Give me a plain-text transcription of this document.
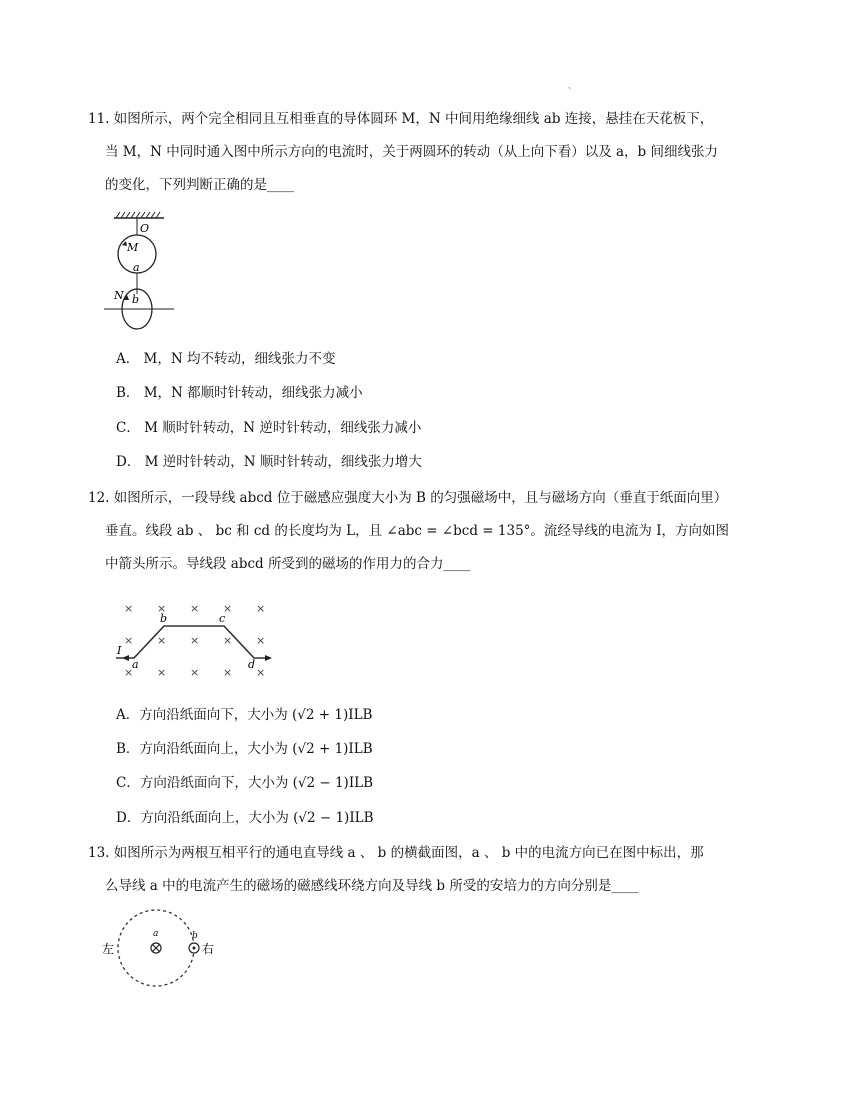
、

11. 如图所示，两个完全相同且互相垂直的导体圆环 M，N 中间用绝缘细线 ab 连接，悬挂在天花板下，

当 M，N 中同时通入图中所示方向的电流时，关于两圆环的转动（从上向下看）以及 a，b 间细线张力

的变化，下列判断正确的是____

O
M
a
N b
A． M，N 均不转动，细线张力不变
B． M，N 都顺时针转动，细线张力减小
C． M 顺时针转动，N 逆时针转动，细线张力减小
D． M 逆时针转动，N 顺时针转动，细线张力增大

12. 如图所示，一段导线 abcd 位于磁感应强度大小为 B 的匀强磁场中，且与磁场方向（垂直于纸面向里）

垂直。线段 ab 、 bc 和 cd 的长度均为 L，且 ∠abc = ∠bcd = 135°。流经导线的电流为 I，方向如图

中箭头所示。导线段 abcd 所受到的磁场的作用力的合力____

× × × × ×
× × × × ×
× × × × ×
I
a
b	c
d
A．方向沿纸面向下，大小为 (√2 + 1)ILB
B．方向沿纸面向上，大小为 (√2 + 1)ILB
C．方向沿纸面向下，大小为 (√2 − 1)ILB
D．方向沿纸面向上，大小为 (√2 − 1)ILB

13. 如图所示为两根互相平行的通电直导线 a 、 b 的横截面图，a 、 b 中的电流方向已在图中标出，那

么导线 a 中的电流产生的磁场的磁感线环绕方向及导线 b 所受的安培力的方向分别是____

a	b
左	右
